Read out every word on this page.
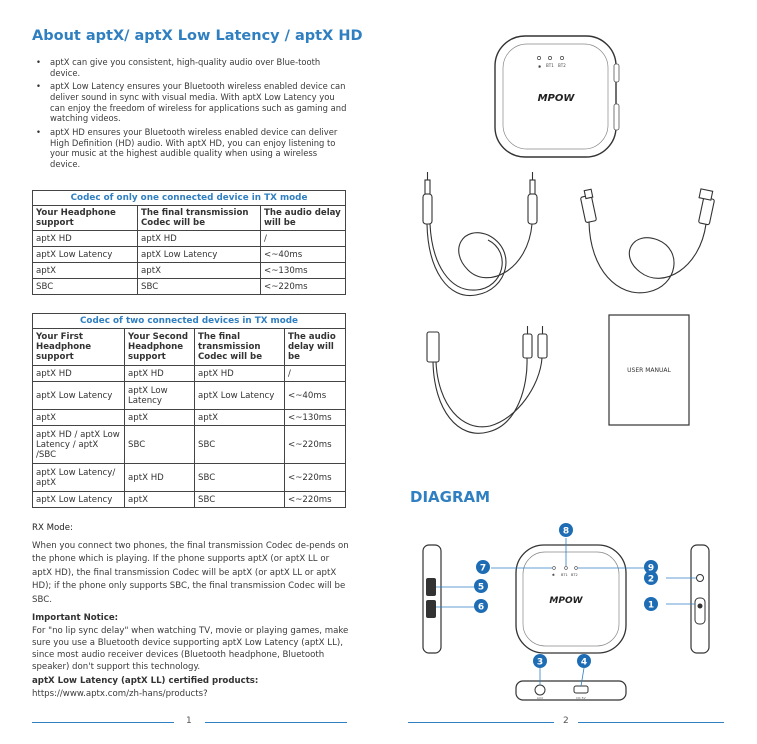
About aptX/ aptX Low Latency / aptX HD
• aptX can give you consistent, high-quality audio over Blue-tooth device.
• aptX Low Latency ensures your Bluetooth wireless enabled device can deliver sound in sync with visual media. With aptX Low Latency you can enjoy the freedom of wireless for applications such as gaming and watching videos.
• aptX HD ensures your Bluetooth wireless enabled device can deliver High Definition (HD) audio. With aptX HD, you can enjoy listening to your music at the highest audible quality when using a wireless device.
Codec of only one connected device in TX mode		
Your Headphone support	The final transmission Codec will be	The audio delay will be
aptX HD	aptX HD	/
aptX Low Latency	aptX Low Latency	<~40ms
aptX	aptX	<~130ms
SBC	SBC	<~220ms
Codec of two connected devices in TX mode			
Your First Headphone support	Your Second Headphone support	The final transmission Codec will be	The audio delay will be
aptX HD	aptX HD	aptX HD	/
aptX Low Latency	aptX Low Latency	aptX Low Latency	<~40ms
aptX	aptX	aptX	<~130ms
aptX HD / aptX Low Latency / aptX /SBC	SBC	SBC	<~220ms
aptX Low Latency/ aptX	aptX HD	SBC	<~220ms
aptX Low Latency	aptX	SBC	<~220ms
RX Mode:
When you connect two phones, the final transmission Codec de-pends on the phone which is playing. If the phone supports aptX (or aptX LL or aptX HD), the final transmission Codec will be aptX (or aptX LL or aptX HD); if the phone only supports SBC, the final transmission Codec will be SBC.
Important Notice:
For "no lip sync delay" when watching TV, movie or playing games, make sure you use a Bluetooth device supporting aptX Low Latency (aptX LL), since most audio receiver devices (Bluetooth headphone, Bluetooth speaker) don't support this technology.
aptX Low Latency (aptX LL) certified products:
https://www.aptx.com/zh-hans/products?
1
✱ BT1 BT2
MPOW
USER MANUAL
MPOW
✱ BT1 BT2
AUX	DC 5V
1
2
3	4
5
6
7
8
9
DIAGRAM
2
